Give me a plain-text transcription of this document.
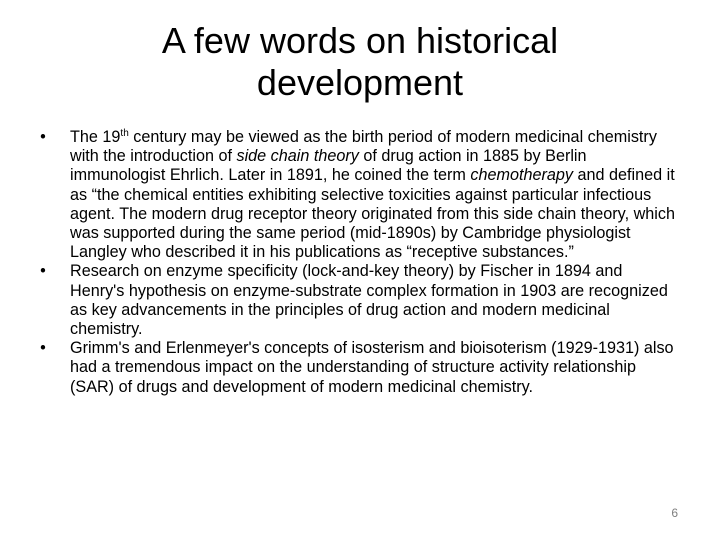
A few words on historical
development
• The 19th century may be viewed as the birth period of modern medicinal chemistry with the introduction of side chain theory of drug action in 1885 by Berlin immunologist Ehrlich. Later in 1891, he coined the term chemotherapy and defined it as “the chemical entities exhibiting selective toxicities against particular infectious agent. The modern drug receptor theory originated from this side chain theory, which was supported during the same period (mid-1890s) by Cambridge physiologist Langley who described it in his publications as “receptive substances.”
• Research on enzyme specificity (lock-and-key theory) by Fischer in 1894 and Henry's hypothesis on enzyme-substrate complex formation in 1903 are recognized as key advancements in the principles of drug action and modern medicinal chemistry.
• Grimm's and Erlenmeyer's concepts of isosterism and bioisoterism (1929-1931) also had a tremendous impact on the understanding of structure activity relationship (SAR) of drugs and development of modern medicinal chemistry.
6
